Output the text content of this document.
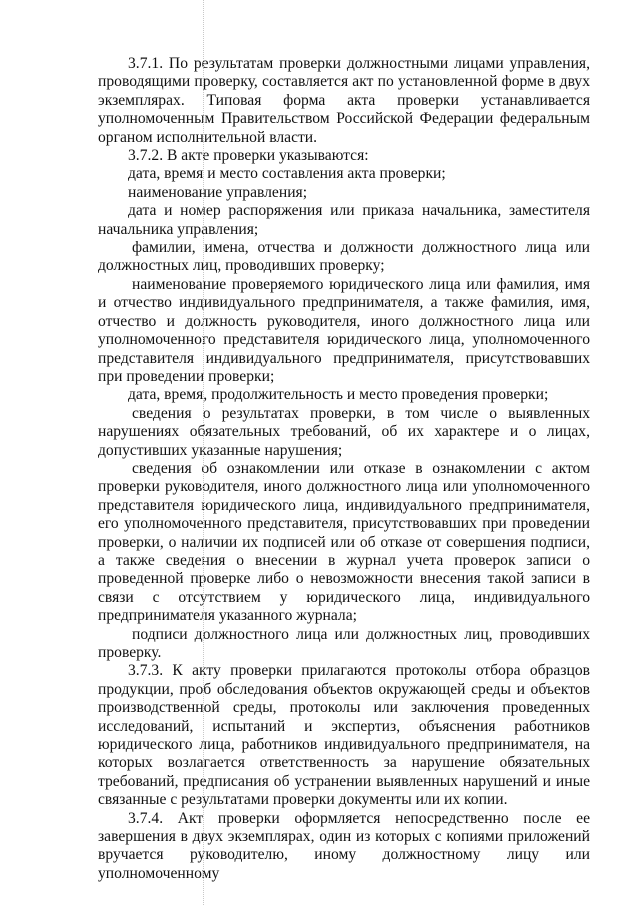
3.7.1. По результатам проверки должностными лицами управления, проводящими проверку, составляется акт по установленной форме в двух экземплярах. Типовая форма акта проверки устанавливается уполномоченным Правительством Российской Федерации федеральным органом исполнительной власти.

3.7.2. В акте проверки указываются:

дата, время и место составления акта проверки;

наименование управления;

дата и номер распоряжения или приказа начальника, заместителя начальника управления;

фамилии, имена, отчества и должности должностного лица или должностных лиц, проводивших проверку;

наименование проверяемого юридического лица или фамилия, имя и отчество индивидуального предпринимателя, а также фамилия, имя, отчество и должность руководителя, иного должностного лица или уполномоченного представителя юридического лица, уполномоченного представителя индивидуального предпринимателя, присутствовавших при проведении проверки;

дата, время, продолжительность и место проведения проверки;

сведения о результатах проверки, в том числе о выявленных нарушениях обязательных требований, об их характере и о лицах, допустивших указанные нарушения;

сведения об ознакомлении или отказе в ознакомлении с актом проверки руководителя, иного должностного лица или уполномоченного представителя юридического лица, индивидуального предпринимателя, его уполномоченного представителя, присутствовавших при проведении проверки, о наличии их подписей или об отказе от совершения подписи, а также сведения о внесении в журнал учета проверок записи о проведенной проверке либо о невозможности внесения такой записи в связи с отсутствием у юридического лица, индивидуального предпринимателя указанного журнала;

подписи должностного лица или должностных лиц, проводивших проверку.

3.7.3. К акту проверки прилагаются протоколы отбора образцов продукции, проб обследования объектов окружающей среды и объектов производственной среды, протоколы или заключения проведенных исследований, испытаний и экспертиз, объяснения работников юридического лица, работников индивидуального предпринимателя, на которых возлагается ответственность за нарушение обязательных требований, предписания об устранении выявленных нарушений и иные связанные с результатами проверки документы или их копии.

3.7.4. Акт проверки оформляется непосредственно после ее завершения в двух экземплярах, один из которых с копиями приложений вручается руководителю, иному должностному лицу или уполномоченному
